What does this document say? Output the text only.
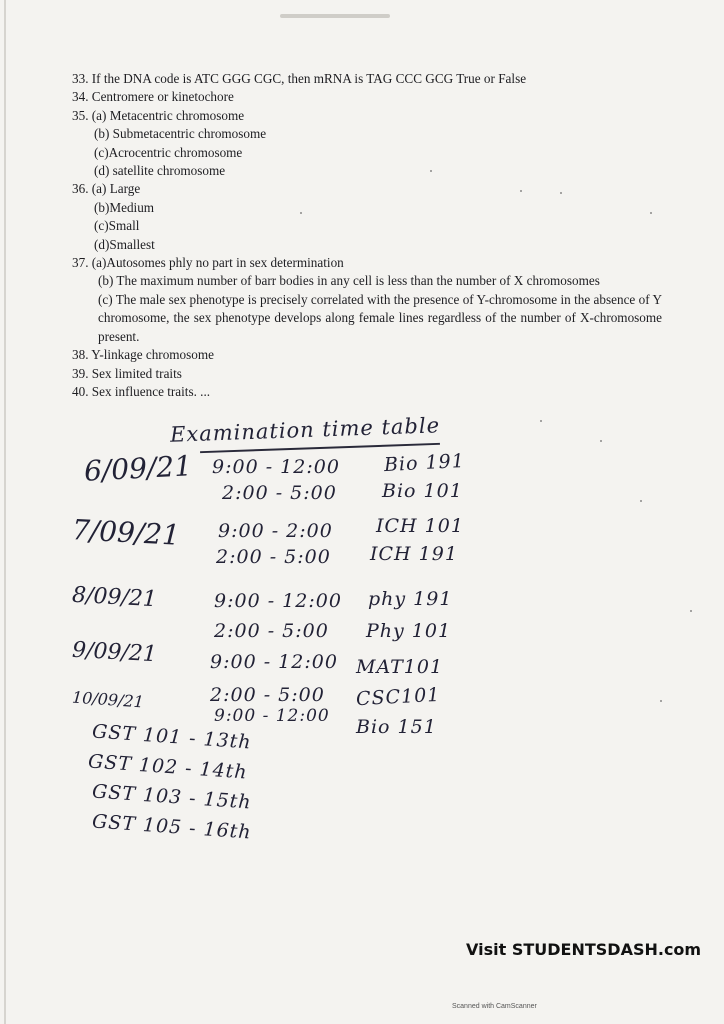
33. If the DNA code is ATC GGG CGC, then mRNA is TAG CCC GCG True or False
34. Centromere or kinetochore
35. (a) Metacentric chromosome
(b) Submetacentric chromosome
(c)Acrocentric chromosome
(d) satellite chromosome
36. (a) Large
(b)Medium
(c)Small
(d)Smallest
37. (a)Autosomes phly no part in sex determination
(b) The maximum number of barr bodies in any cell is less than the number of X chromosomes
(c) The male sex phenotype is precisely correlated with the presence of Y-chromosome in the absence of Y chromosome, the sex phenotype develops along female lines regardless of the number of X-chromosome present.
38. Y-linkage chromosome
39. Sex limited traits
40. Sex influence traits. ...
Examination time table
6/09/21
7/09/21
8/09/21
9/09/21
10/09/21
9:00 - 12:00
2:00 - 5:00
9:00 - 2:00
2:00 - 5:00
9:00 - 12:00
2:00 - 5:00
9:00 - 12:00
2:00 - 5:00
9:00 - 12:00
Bio 191
Bio 101
ICH 101
ICH 191
phy 191
Phy 101
MAT101
CSC101
Bio 151
GST 101 - 13th
GST 102 - 14th
GST 103 - 15th
GST 105 - 16th
Visit STUDENTSDASH.com
Scanned with CamScanner
